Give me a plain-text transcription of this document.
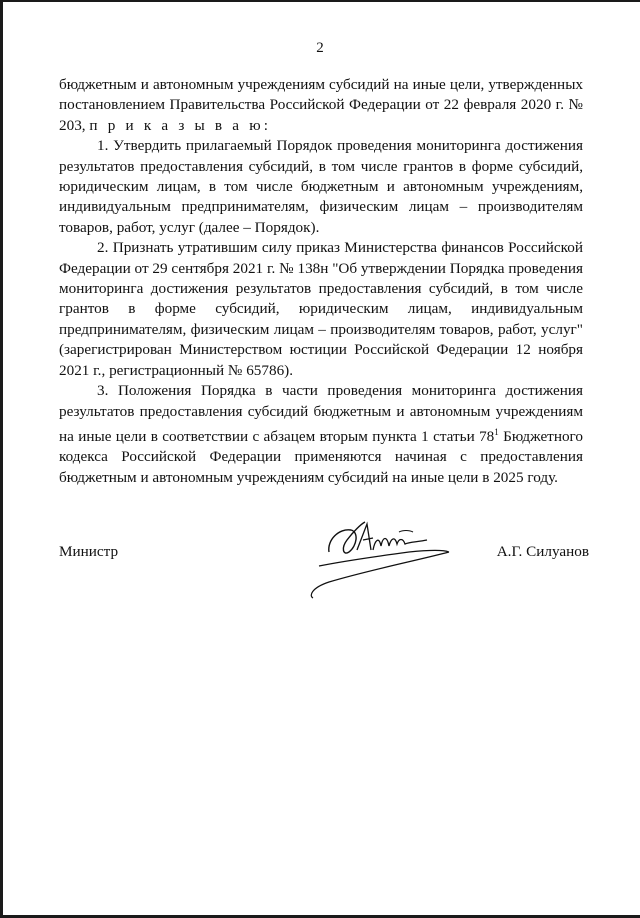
2

бюджетным и автономным учреждениям субсидий на иные цели, утвержденных постановлением Правительства Российской Федерации от 22 февраля 2020 г. № 203, п р и к а з ы в а ю:

1. Утвердить прилагаемый Порядок проведения мониторинга достижения результатов предоставления субсидий, в том числе грантов в форме субсидий, юридическим лицам, в том числе бюджетным и автономным учреждениям, индивидуальным предпринимателям, физическим лицам – производителям товаров, работ, услуг (далее – Порядок).

2. Признать утратившим силу приказ Министерства финансов Российской Федерации от 29 сентября 2021 г. № 138н "Об утверждении Порядка проведения мониторинга достижения результатов предоставления субсидий, в том числе грантов в форме субсидий, юридическим лицам, индивидуальным предпринимателям, физическим лицам – производителям товаров, работ, услуг" (зарегистрирован Министерством юстиции Российской Федерации 12 ноября 2021 г., регистрационный № 65786).

3. Положения Порядка в части проведения мониторинга достижения результатов предоставления субсидий бюджетным и автономным учреждениям на иные цели в соответствии с абзацем вторым пункта 1 статьи $78^1$ Бюджетного кодекса Российской Федерации применяются начиная с предоставления бюджетным и автономным учреждениям субсидий на иные цели в 2025 году.

Министр	А.Г. Силуанов
